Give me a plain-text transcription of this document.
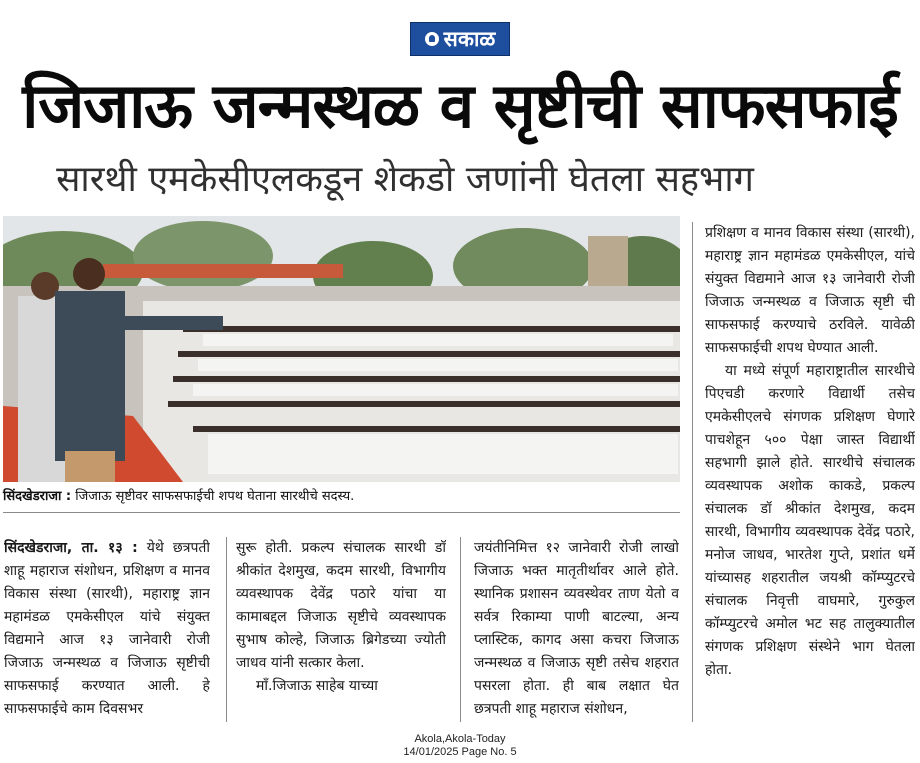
सकाळ
जिजाऊ जन्मस्थळ व सृष्टीची साफसफाई
सारथी एमकेसीएलकडून शेकडो जणांनी घेतला सहभाग
सिंदखेडराजा : जिजाऊ सृष्टीवर साफसफाईची शपथ घेताना सारथीचे सदस्य.

सिंदखेडराजा, ता. १३ : येथे छत्रपती शाहू महाराज संशोधन, प्रशिक्षण व मानव विकास संस्था (सारथी), महाराष्ट्र ज्ञान महामंडळ एमकेसीएल यांचे संयुक्त विद्यमाने आज १३ जानेवारी रोजी जिजाऊ जन्मस्थळ व जिजाऊ सृष्टीची साफसफाई करण्यात आली. हे साफसफाईचे काम दिवसभर

सुरू होती. प्रकल्प संचालक सारथी डॉ श्रीकांत देशमुख, कदम सारथी, विभागीय व्यवस्थापक देवेंद्र पठारे यांचा या कामाबद्दल जिजाऊ सृष्टीचे व्यवस्थापक सुभाष कोल्हे, जिजाऊ ब्रिगेडच्या ज्योती जाधव यांनी सत्कार केला.

माँ.जिजाऊ साहेब याच्या

जयंतीनिमित्त १२ जानेवारी रोजी लाखो जिजाऊ भक्त मातृतीर्थावर आले होते. स्थानिक प्रशासन व्यवस्थेवर ताण येतो व सर्वत्र रिकाम्या पाणी बाटल्या, अन्य प्लास्टिक, कागद असा कचरा जिजाऊ जन्मस्थळ व जिजाऊ सृष्टी तसेच शहरात पसरला होता. ही बाब लक्षात घेत छत्रपती शाहू महाराज संशोधन,

प्रशिक्षण व मानव विकास संस्था (सारथी), महाराष्ट्र ज्ञान महामंडळ एमकेसीएल, यांचे संयुक्त विद्यमाने आज १३ जानेवारी रोजी जिजाऊ जन्मस्थळ व जिजाऊ सृष्टी ची साफसफाई करण्याचे ठरविले. यावेळी साफसफाईची शपथ घेण्यात आली.

या मध्ये संपूर्ण महाराष्ट्रातील सारथीचे पिएचडी करणारे विद्यार्थी तसेच एमकेसीएलचे संगणक प्रशिक्षण घेणारे पाचशेहून ५०० पेक्षा जास्त विद्यार्थी सहभागी झाले होते. सारथीचे संचालक व्यवस्थापक अशोक काकडे, प्रकल्प संचालक डॉ श्रीकांत देशमुख, कदम सारथी, विभागीय व्यवस्थापक देवेंद्र पठारे, मनोज जाधव, भारतेश गुप्ते, प्रशांत धर्मे यांच्यासह शहरातील जयश्री कॉम्प्युटरचे संचालक निवृत्ती वाघमारे, गुरुकुल कॉम्प्युटरचे अमोल भट सह तालुक्यातील संगणक प्रशिक्षण संस्थेने भाग घेतला होता.

Akola,Akola-Today
14/01/2025 Page No. 5
